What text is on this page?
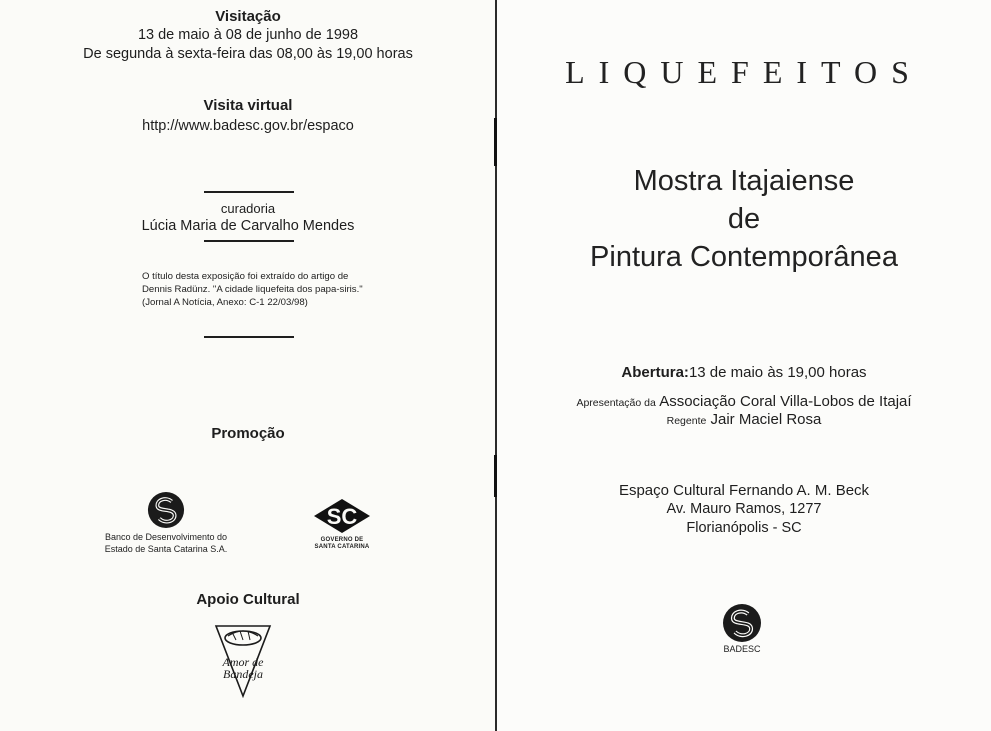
Visitação
13 de maio à 08 de junho de 1998
De segunda à sexta-feira das 08,00 às 19,00 horas
Visita virtual
http://www.badesc.gov.br/espaco
curadoria
Lúcia Maria de Carvalho Mendes
O título desta exposição foi extraído do artigo de
Dennis Radünz. "A cidade liquefeita dos papa-siris."
(Jornal A Notícia, Anexo: C-1 22/03/98)
Promoção
Banco de Desenvolvimento do
Estado de Santa Catarina S.A.
SC
GOVERNO DE
SANTA CATARINA
Apoio Cultural
Amor de
Bandeja
LIQUEFEITOS
Mostra Itajaiense
de
Pintura Contemporânea
Abertura:13 de maio às 19,00 horas
Apresentação da Associação Coral Villa-Lobos de Itajaí
Regente Jair Maciel Rosa
Espaço Cultural Fernando A. M. Beck
Av. Mauro Ramos, 1277
Florianópolis - SC
BADESC
